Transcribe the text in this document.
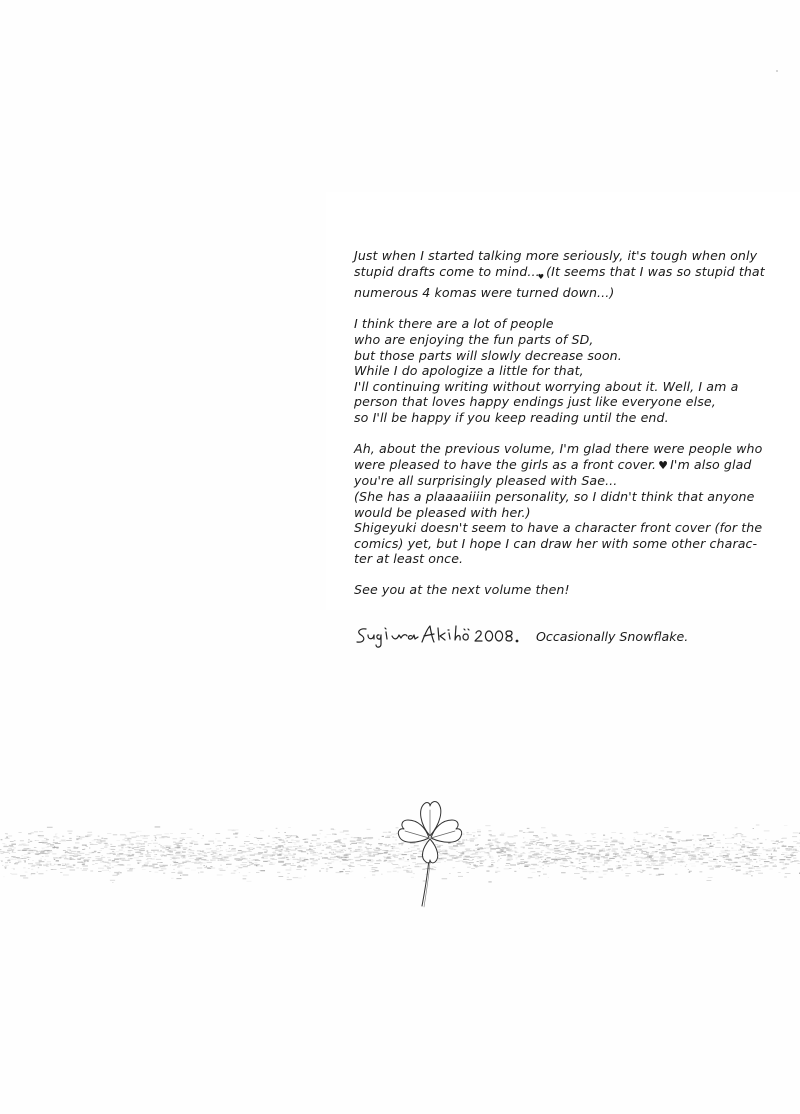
Just when I started talking more seriously, it's tough when only
stupid drafts come to $\min d..._♥$ (It seems that I was so stupid that
numerous 4 komas were turned down...)

I think there are a lot of people
who are enjoying the fun parts of SD,
but those parts will slowly decrease soon.
While I do apologize a little for that,
I'll continuing writing without worrying about it. Well, I am a
person that loves happy endings just like everyone else,
so I'll be happy if you keep reading until the end.

Ah, about the previous volume, I'm glad there were people who
were pleased to have the girls as a front cover. ♥ I'm also glad
you're all surprisingly pleased with Sae...
(She has a plaaaaiiiin personality, so I didn't think that anyone
would be pleased with her.)
Shigeyuki doesn't seem to have a character front cover (for the
comics) yet, but I hope I can draw her with some other charac-
ter at least once.

See you at the next volume then!

Occasionally Snowflake.
